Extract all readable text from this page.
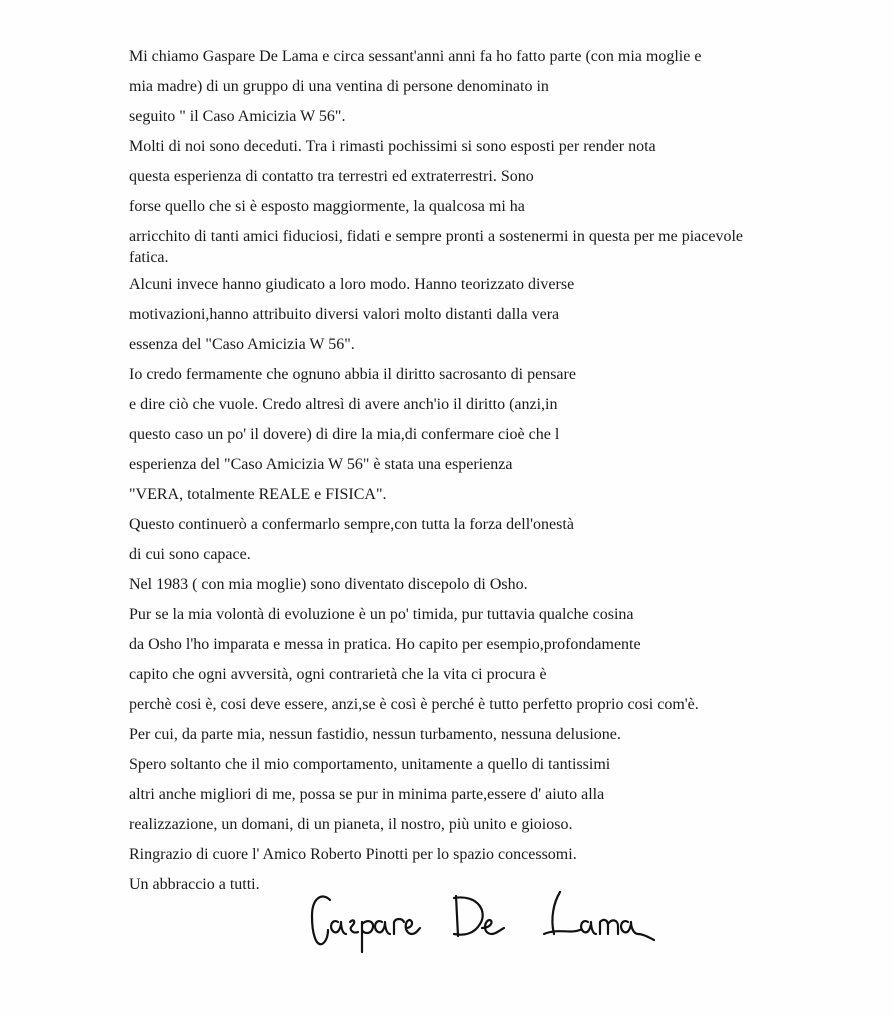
Mi chiamo Gaspare De Lama e circa sessant'anni anni fa ho fatto parte (con mia moglie e
mia madre) di un gruppo di una ventina di persone denominato in
seguito " il Caso Amicizia W 56".
Molti di noi sono deceduti. Tra i rimasti pochissimi si sono esposti per render nota
questa esperienza di contatto tra terrestri ed extraterrestri. Sono
forse quello che si è esposto maggiormente, la qualcosa mi ha
arricchito di tanti amici fiduciosi, fidati e sempre pronti a sostenermi in questa per me piacevole
fatica.
Alcuni invece hanno giudicato a loro modo. Hanno teorizzato diverse
motivazioni,hanno attribuito diversi valori molto distanti dalla vera
essenza del "Caso Amicizia W 56".
Io credo fermamente che ognuno abbia il diritto sacrosanto di pensare
e dire ciò che vuole. Credo altresì di avere anch'io il diritto (anzi,in
questo caso un po' il dovere) di dire la mia,di confermare cioè che l
esperienza del "Caso Amicizia W 56" è stata una esperienza
"VERA, totalmente REALE e FISICA".
Questo continuerò a confermarlo sempre,con tutta la forza dell'onestà
di cui sono capace.
Nel 1983 ( con mia moglie) sono diventato discepolo di Osho.
Pur se la mia volontà di evoluzione è un po' timida, pur tuttavia qualche cosina
da Osho l'ho imparata e messa in pratica. Ho capito per esempio,profondamente
capito che ogni avversità, ogni contrarietà che la vita ci procura è
perchè cosi è, cosi deve essere, anzi,se è così è perché è tutto perfetto proprio cosi com'è.
Per cui, da parte mia, nessun fastidio, nessun turbamento, nessuna delusione.
Spero soltanto che il mio comportamento, unitamente a quello di tantissimi
altri anche migliori di me, possa se pur in minima parte,essere d' aiuto alla
realizzazione, un domani, di un pianeta, il nostro, più unito e gioioso.
Ringrazio di cuore l' Amico Roberto Pinotti per lo spazio concessomi.
Un abbraccio a tutti.
